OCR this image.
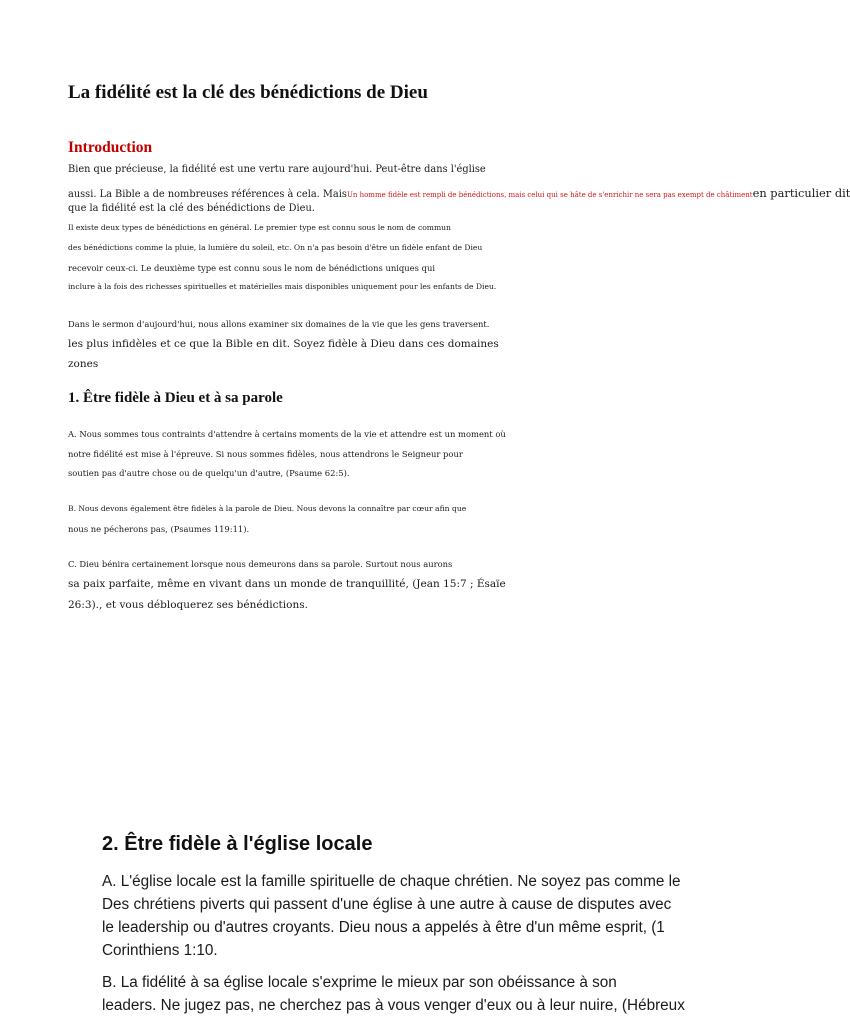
La fidélité est la clé des bénédictions de Dieu
Introduction
Bien que précieuse, la fidélité est une vertu rare aujourd'hui. Peut-être dans l'église
aussi. La Bible a de nombreuses références à cela. MaisUn homme fidèle est rempli de bénédictions, mais celui qui se hâte de s'enrichir ne sera pas exempt de châtimenten particulier dit
que la fidélité est la clé des bénédictions de Dieu.
Il existe deux types de bénédictions en général. Le premier type est connu sous le nom de commun
des bénédictions comme la pluie, la lumière du soleil, etc. On n'a pas besoin d'être un fidèle enfant de Dieu
recevoir ceux-ci. Le deuxième type est connu sous le nom de bénédictions uniques qui
inclure à la fois des richesses spirituelles et matérielles mais disponibles uniquement pour les enfants de Dieu.
Dans le sermon d'aujourd'hui, nous allons examiner six domaines de la vie que les gens traversent.
les plus infidèles et ce que la Bible en dit. Soyez fidèle à Dieu dans ces domaines
zones
1. Être fidèle à Dieu et à sa parole
A. Nous sommes tous contraints d'attendre à certains moments de la vie et attendre est un moment où
notre fidélité est mise à l'épreuve. Si nous sommes fidèles, nous attendrons le Seigneur pour
soutien pas d'autre chose ou de quelqu'un d'autre, (Psaume 62:5).
B. Nous devons également être fidèles à la parole de Dieu. Nous devons la connaître par cœur afin que
nous ne pécherons pas, (Psaumes 119:11).
C. Dieu bénira certainement lorsque nous demeurons dans sa parole. Surtout nous aurons
sa paix parfaite, même en vivant dans un monde de tranquillité, (Jean 15:7 ; Ésaïe
26:3)., et vous débloquerez ses bénédictions.
2. Être fidèle à l'église locale
A. L'église locale est la famille spirituelle de chaque chrétien. Ne soyez pas comme le
Des chrétiens piverts qui passent d'une église à une autre à cause de disputes avec
le leadership ou d'autres croyants. Dieu nous a appelés à être d'un même esprit, (1
Corinthiens 1:10.
B. La fidélité à sa église locale s'exprime le mieux par son obéissance à son
leaders. Ne jugez pas, ne cherchez pas à vous venger d'eux ou à leur nuire, (Hébreux
